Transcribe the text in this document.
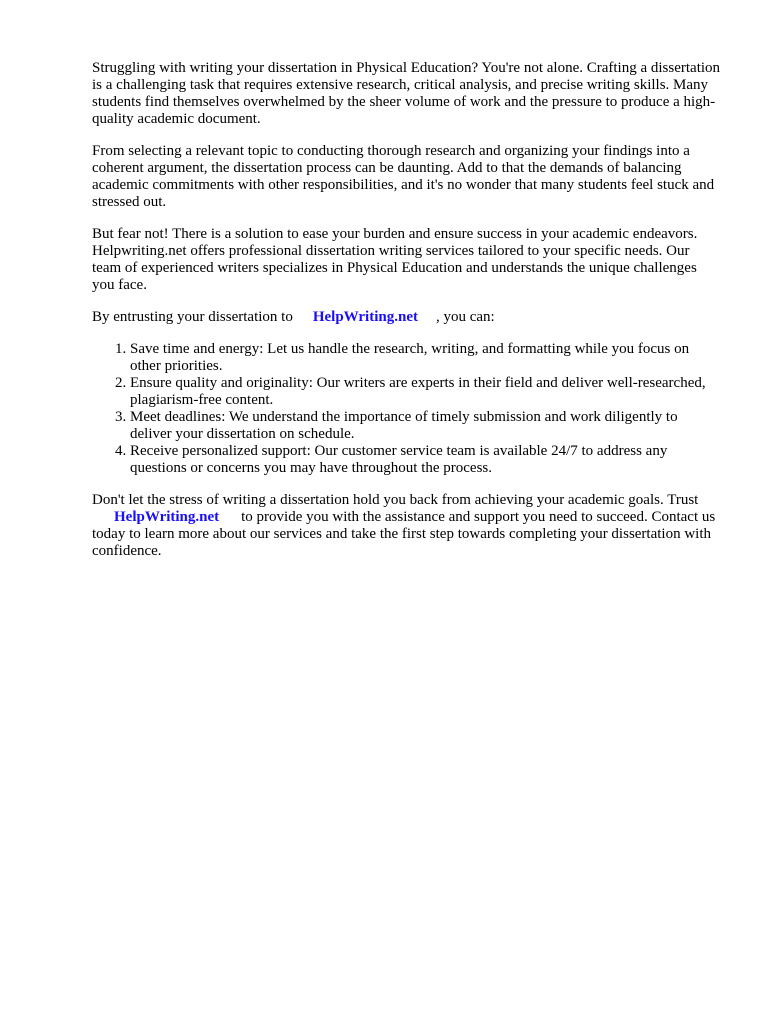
Struggling with writing your dissertation in Physical Education? You're not alone. Crafting a dissertation is a challenging task that requires extensive research, critical analysis, and precise writing skills. Many students find themselves overwhelmed by the sheer volume of work and the pressure to produce a high-quality academic document.

From selecting a relevant topic to conducting thorough research and organizing your findings into a coherent argument, the dissertation process can be daunting. Add to that the demands of balancing academic commitments with other responsibilities, and it's no wonder that many students feel stuck and stressed out.

But fear not! There is a solution to ease your burden and ensure success in your academic endeavors. Helpwriting.net offers professional dissertation writing services tailored to your specific needs. Our team of experienced writers specializes in Physical Education and understands the unique challenges you face.

By entrusting your dissertation to HelpWriting.net , you can:

1. Save time and energy: Let us handle the research, writing, and formatting while you focus on other priorities.
2. Ensure quality and originality: Our writers are experts in their field and deliver well-researched, plagiarism-free content.
3. Meet deadlines: We understand the importance of timely submission and work diligently to deliver your dissertation on schedule.
4. Receive personalized support: Our customer service team is available 24/7 to address any questions or concerns you may have throughout the process.

Don't let the stress of writing a dissertation hold you back from achieving your academic goals. Trust
HelpWriting.net to provide you with the assistance and support you need to succeed. Contact us today to learn more about our services and take the first step towards completing your dissertation with confidence.
